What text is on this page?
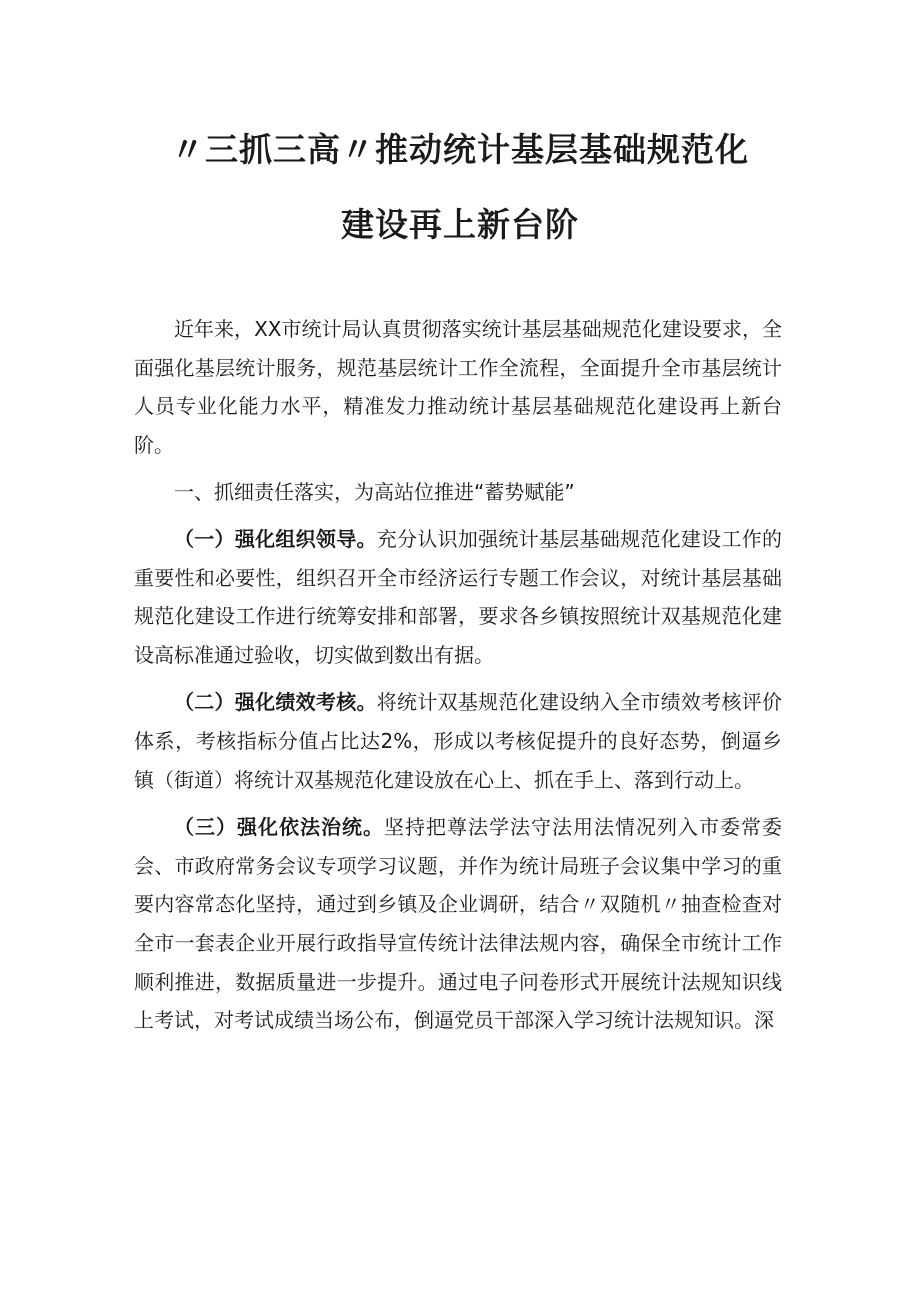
〃三抓三高〃推动统计基层基础规范化
建设再上新台阶

近年来，XX市统计局认真贯彻落实统计基层基础规范化建设要求，全面强化基层统计服务，规范基层统计工作全流程，全面提升全市基层统计人员专业化能力水平，精准发力推动统计基层基础规范化建设再上新台阶。

一、抓细责任落实，为高站位推进“蓄势赋能”

（一）强化组织领导。充分认识加强统计基层基础规范化建设工作的重要性和必要性，组织召开全市经济运行专题工作会议，对统计基层基础规范化建设工作进行统筹安排和部署，要求各乡镇按照统计双基规范化建设高标准通过验收，切实做到数出有据。

（二）强化绩效考核。将统计双基规范化建设纳入全市绩效考核评价体系，考核指标分值占比达2%，形成以考核促提升的良好态势，倒逼乡镇（街道）将统计双基规范化建设放在心上、抓在手上、落到行动上。

（三）强化依法治统。坚持把尊法学法守法用法情况列入市委常委会、市政府常务会议专项学习议题，并作为统计局班子会议集中学习的重要内容常态化坚持，通过到乡镇及企业调研，结合〃双随机〃抽查检查对全市一套表企业开展行政指导宣传统计法律法规内容，确保全市统计工作顺利推进，数据质量进一步提升。通过电子问卷形式开展统计法规知识线上考试，对考试成绩当场公布，倒逼党员干部深入学习统计法规知识。深
